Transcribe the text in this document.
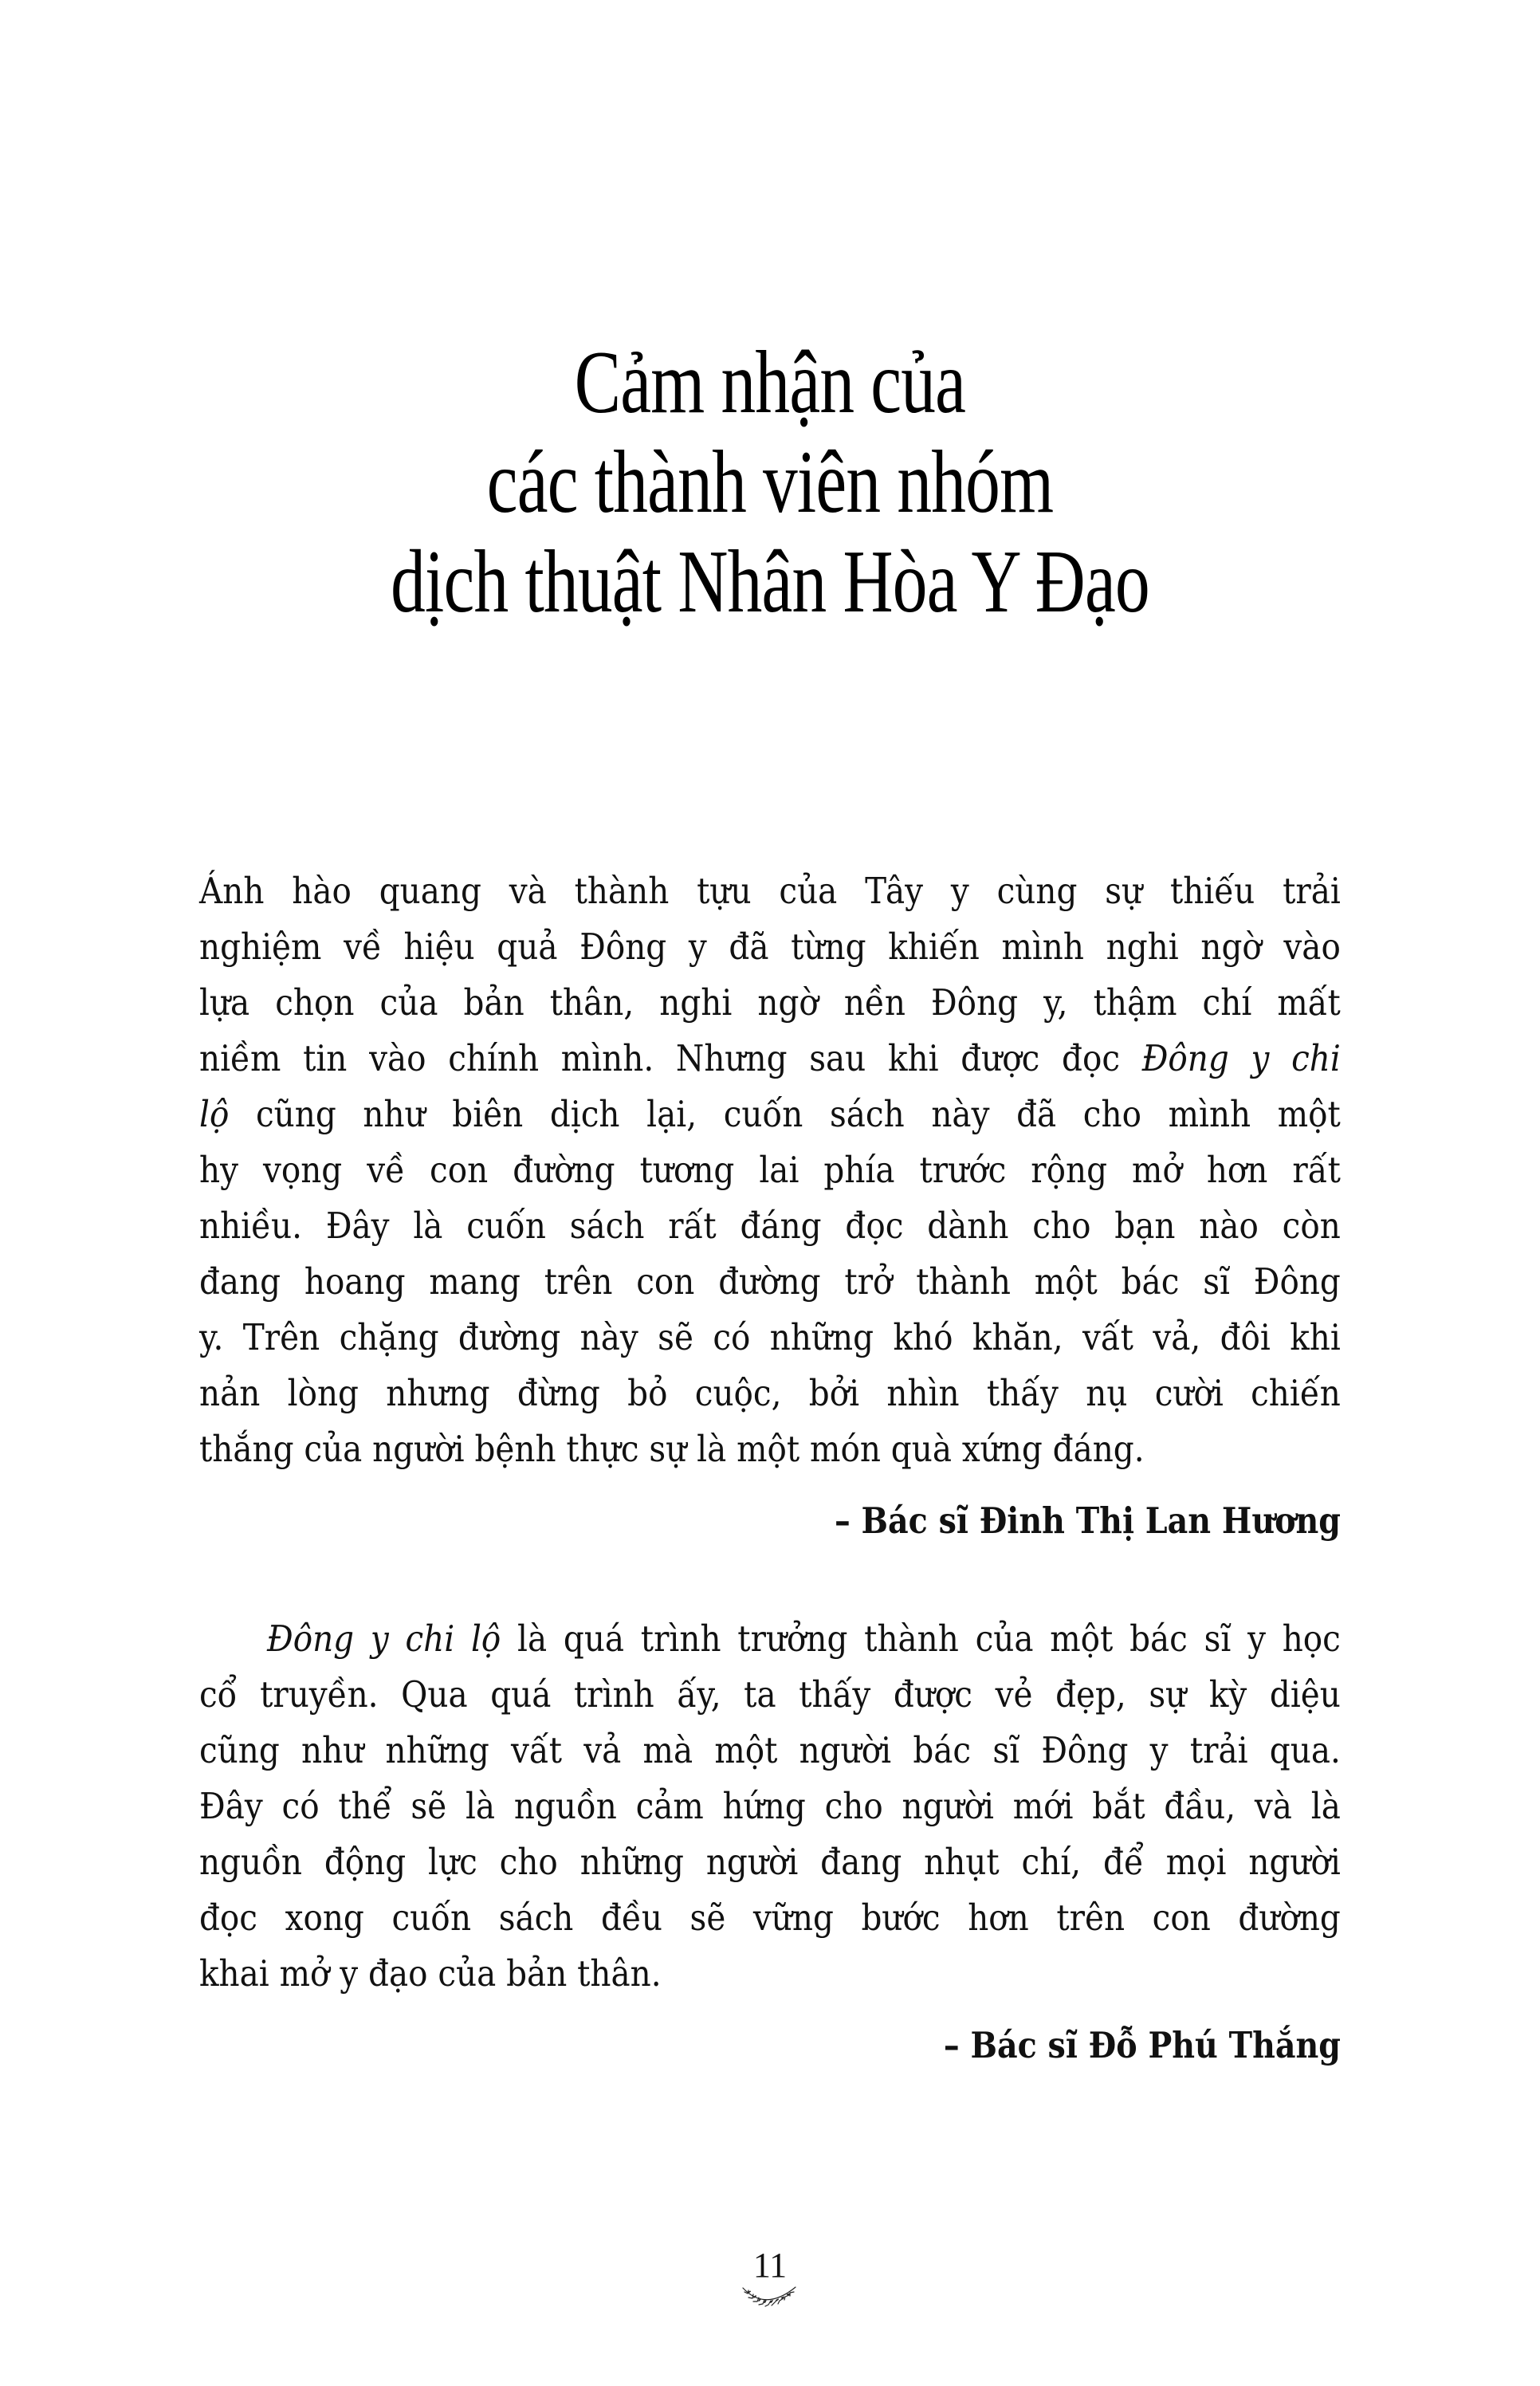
Cảm nhận của
các thành viên nhóm
dịch thuật Nhân Hòa Y Đạo
Ánh hào quang và thành tựu của Tây y cùng sự thiếu trải
nghiệm về hiệu quả Đông y đã từng khiến mình nghi ngờ vào
lựa chọn của bản thân, nghi ngờ nền Đông y, thậm chí mất
niềm tin vào chính mình. Nhưng sau khi được đọc Đông y chi
lộ cũng như biên dịch lại, cuốn sách này đã cho mình một
hy vọng về con đường tương lai phía trước rộng mở hơn rất
nhiều. Đây là cuốn sách rất đáng đọc dành cho bạn nào còn
đang hoang mang trên con đường trở thành một bác sĩ Đông
y. Trên chặng đường này sẽ có những khó khăn, vất vả, đôi khi
nản lòng nhưng đừng bỏ cuộc, bởi nhìn thấy nụ cười chiến
thắng của người bệnh thực sự là một món quà xứng đáng.
– Bác sĩ Đinh Thị Lan Hương
Đông y chi lộ là quá trình trưởng thành của một bác sĩ y học
cổ truyền. Qua quá trình ấy, ta thấy được vẻ đẹp, sự kỳ diệu
cũng như những vất vả mà một người bác sĩ Đông y trải qua.
Đây có thể sẽ là nguồn cảm hứng cho người mới bắt đầu, và là
nguồn động lực cho những người đang nhụt chí, để mọi người
đọc xong cuốn sách đều sẽ vững bước hơn trên con đường
khai mở y đạo của bản thân.
– Bác sĩ Đỗ Phú Thắng
11
